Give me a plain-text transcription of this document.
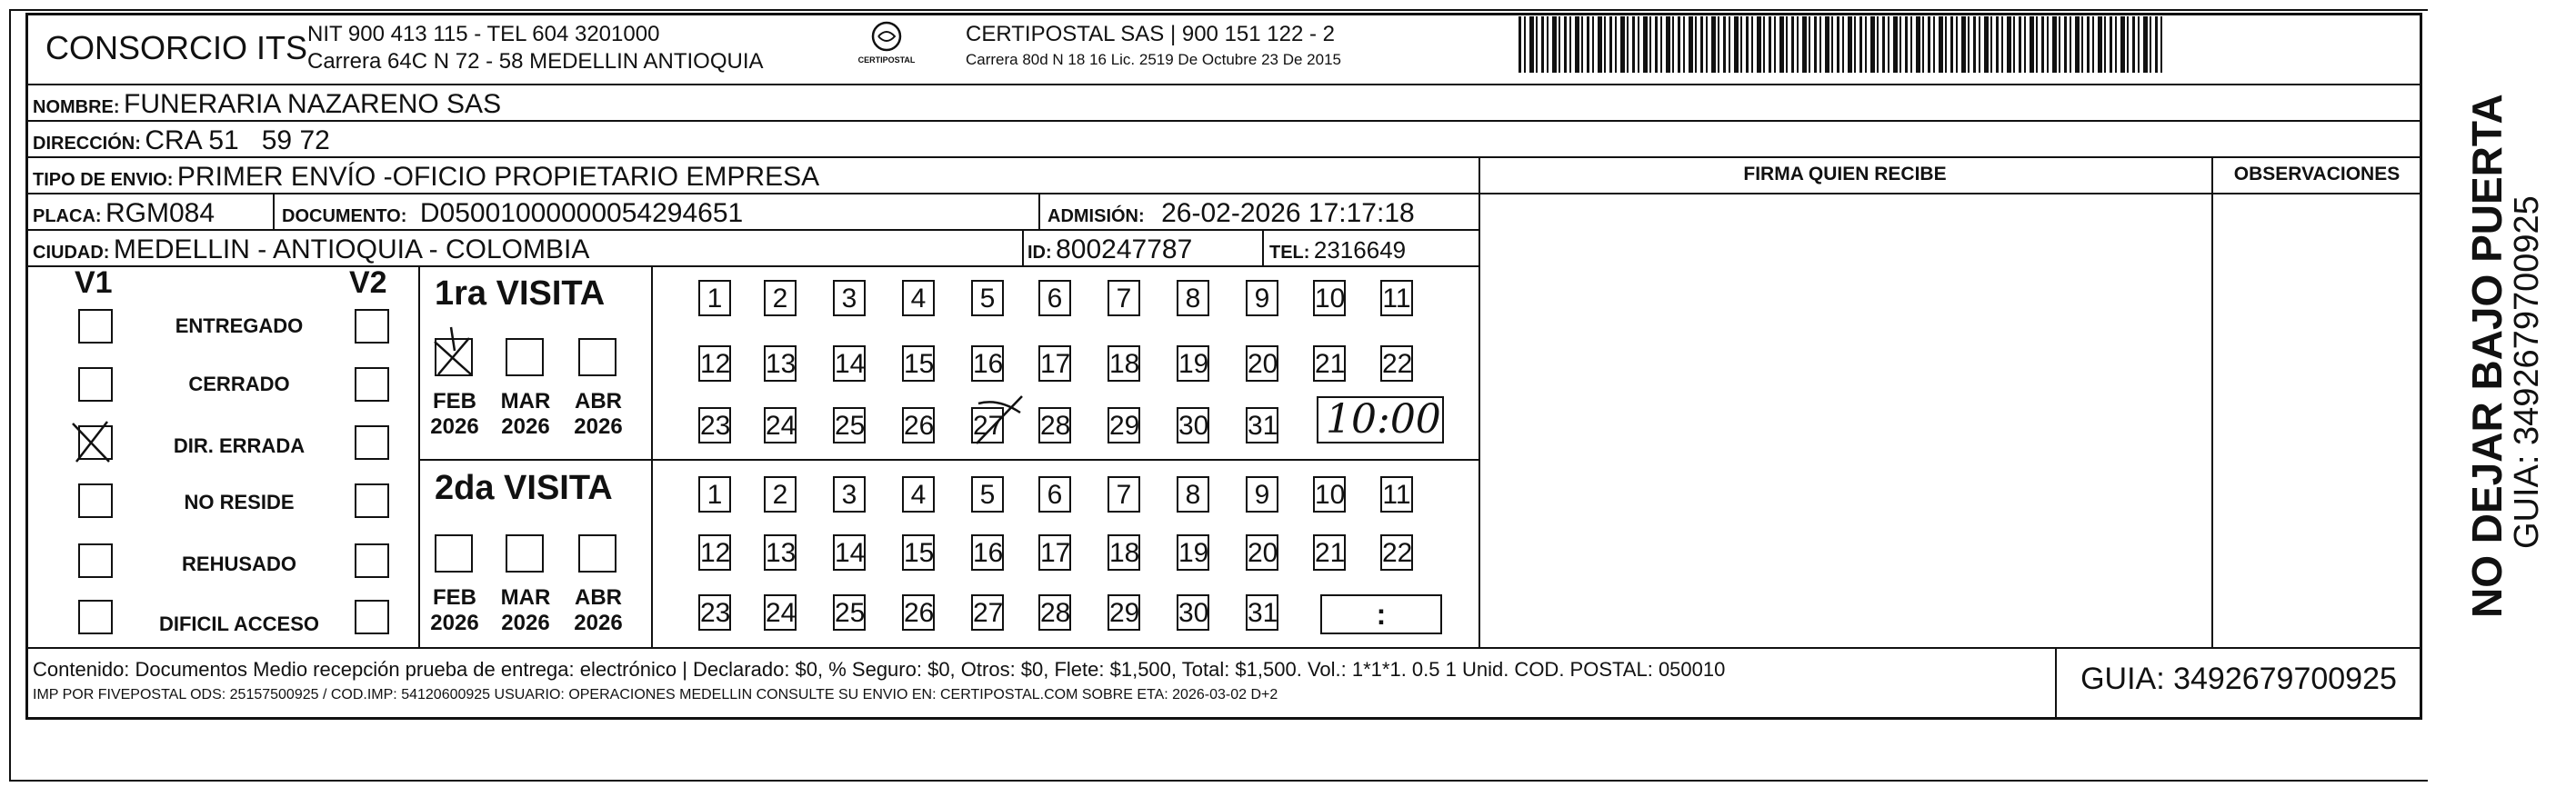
CONSORCIO ITS NIT 900 413 115 - TEL 604 3201000
Carrera 64C N 72 - 58 MEDELLIN ANTIOQUIA	CERTIPOSTAL
CERTIPOSTAL SAS | 900 151 122 - 2
Carrera 80d N 18 16 Lic. 2519 De Octubre 23 De 2015
NOMBRE: FUNERARIA NAZARENO SAS
DIRECCIÓN: CRA 51   59 72
TIPO DE ENVIO: PRIMER ENVÍO -OFICIO PROPIETARIO EMPRESA
PLACA: RGM084	DOCUMENTO: D05001000000054294651	ADMISIÓN: 26-02-2026 17:17:18
CIUDAD: MEDELLIN - ANTIOQUIA - COLOMBIA	ID: 800247787	TEL: 2316649
FIRMA QUIEN RECIBE	OBSERVACIONES
V1	V2
ENTREGADO
CERRADO
DIR. ERRADA
NO RESIDE
REHUSADO
DIFICIL ACCESO
1ra VISITA
FEB
2026
MAR
2026
ABR
2026
1	2	3	4	5	6	7	8	9	10 11
12 13 14 15 16 17 18 19 20 21 22
23 24 25 26 27 28 29 30 31 10:00
2da VISITA
FEB
2026
MAR
2026
ABR
2026
1	2	3	4	5	6	7	8	9	10 11
12 13 14 15 16 17 18 19 20 21 22
23 24 25 26 27 28 29 30 31	:
Contenido: Documentos Medio recepción prueba de entrega: electrónico | Declarado: $0, % Seguro: $0, Otros: $0, Flete: $1,500, Total: $1,500. Vol.: 1*1*1. 0.5 1 Unid. COD. POSTAL: 050010
IMP POR FIVEPOSTAL ODS: 25157500925 / COD.IMP: 54120600925 USUARIO: OPERACIONES MEDELLIN CONSULTE SU ENVIO EN: CERTIPOSTAL.COM SOBRE ETA: 2026-03-02 D+2	GUIA: 3492679700925
NO DEJAR BAJO PUERTA
GUIA: 3492679700925
